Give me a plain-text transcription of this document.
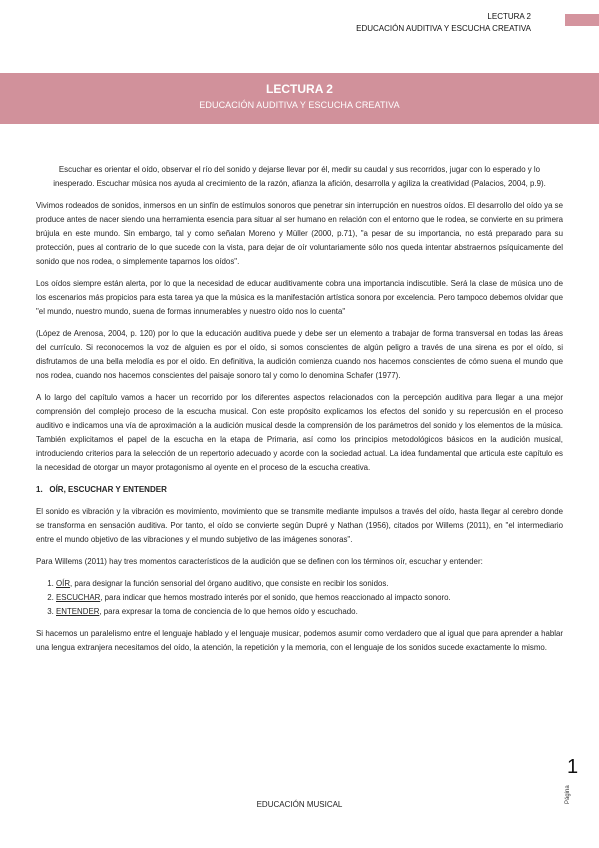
LECTURA 2
EDUCACIÓN AUDITIVA Y ESCUCHA CREATIVA
LECTURA 2
EDUCACIÓN AUDITIVA Y ESCUCHA CREATIVA

Escuchar es orientar el oído, observar el río del sonido y dejarse llevar por él, medir su caudal y sus recorridos, jugar con lo esperado y lo inesperado. Escuchar música nos ayuda al crecimiento de la razón, afianza la afición, desarrolla y agiliza la creatividad (Palacios, 2004, p.9).

Vivimos rodeados de sonidos, inmersos en un sinfín de estímulos sonoros que penetrar sin interrupción en nuestros oídos. El desarrollo del oído ya se produce antes de nacer siendo una herramienta esencia para situar al ser humano en relación con el entorno que le rodea, se convierte en su primera brújula en este mundo. Sin embargo, tal y como señalan Moreno y Müller (2000, p.71), "a pesar de su importancia, no está preparado para su protección, pues al contrario de lo que sucede con la vista, para dejar de oír voluntariamente sólo nos queda intentar abstraernos psíquicamente del sonido que nos rodea, o simplemente taparnos los oídos".

Los oídos siempre están alerta, por lo que la necesidad de educar auditivamente cobra una importancia indiscutible. Será la clase de música uno de los escenarios más propicios para esta tarea ya que la música es la manifestación artística sonora por excelencia. Pero tampoco debemos olvidar que "el mundo, nuestro mundo, suena de formas innumerables y nuestro oído nos lo cuenta"

(López de Arenosa, 2004, p. 120) por lo que la educación auditiva puede y debe ser un elemento a trabajar de forma transversal en todas las áreas del currículo. Si reconocemos la voz de alguien es por el oído, si somos conscientes de algún peligro a través de una sirena es por el oído, si disfrutamos de una bella melodía es por el oído. En definitiva, la audición comienza cuando nos hacemos conscientes de cómo suena el mundo que nos rodea, cuando nos hacemos conscientes del paisaje sonoro tal y como lo denomina Schafer (1977).

A lo largo del capítulo vamos a hacer un recorrido por los diferentes aspectos relacionados con la percepción auditiva para llegar a una mejor comprensión del complejo proceso de la escucha musical. Con este propósito explicamos los efectos del sonido y su repercusión en el proceso auditivo e indicamos una vía de aproximación a la audición musical desde la comprensión de los parámetros del sonido y los elementos de la música. También explicitamos el papel de la escucha en la etapa de Primaria, así como los principios metodológicos básicos en la audición musical, introduciendo criterios para la selección de un repertorio adecuado y acorde con la sociedad actual. La idea fundamental que articula este capítulo es la necesidad de otorgar un mayor protagonismo al oyente en el proceso de la escucha creativa.

1. OÍR, ESCUCHAR Y ENTENDER

El sonido es vibración y la vibración es movimiento, movimiento que se transmite mediante impulsos a través del oído, hasta llegar al cerebro donde se transforma en sensación auditiva. Por tanto, el oído se convierte según Dupré y Nathan (1956), citados por Willems (2011), en "el intermediario entre el mundo objetivo de las vibraciones y el mundo subjetivo de las imágenes sonoras".

Para Willems (2011) hay tres momentos característicos de la audición que se definen con los términos oír, escuchar y entender:

1. OÍR, para designar la función sensorial del órgano auditivo, que consiste en recibir los sonidos.
2. ESCUCHAR, para indicar que hemos mostrado interés por el sonido, que hemos reaccionado al impacto sonoro.
3. ENTENDER, para expresar la toma de conciencia de lo que hemos oído y escuchado.

Si hacemos un paralelismo entre el lenguaje hablado y el lenguaje musicar, podemos asumir como verdadero que al igual que para aprender a hablar una lengua extranjera necesitamos del oído, la atención, la repetición y la memoria, con el lenguaje de los sonidos sucede exactamente lo mismo.

EDUCACIÓN MUSICAL
Página
1
